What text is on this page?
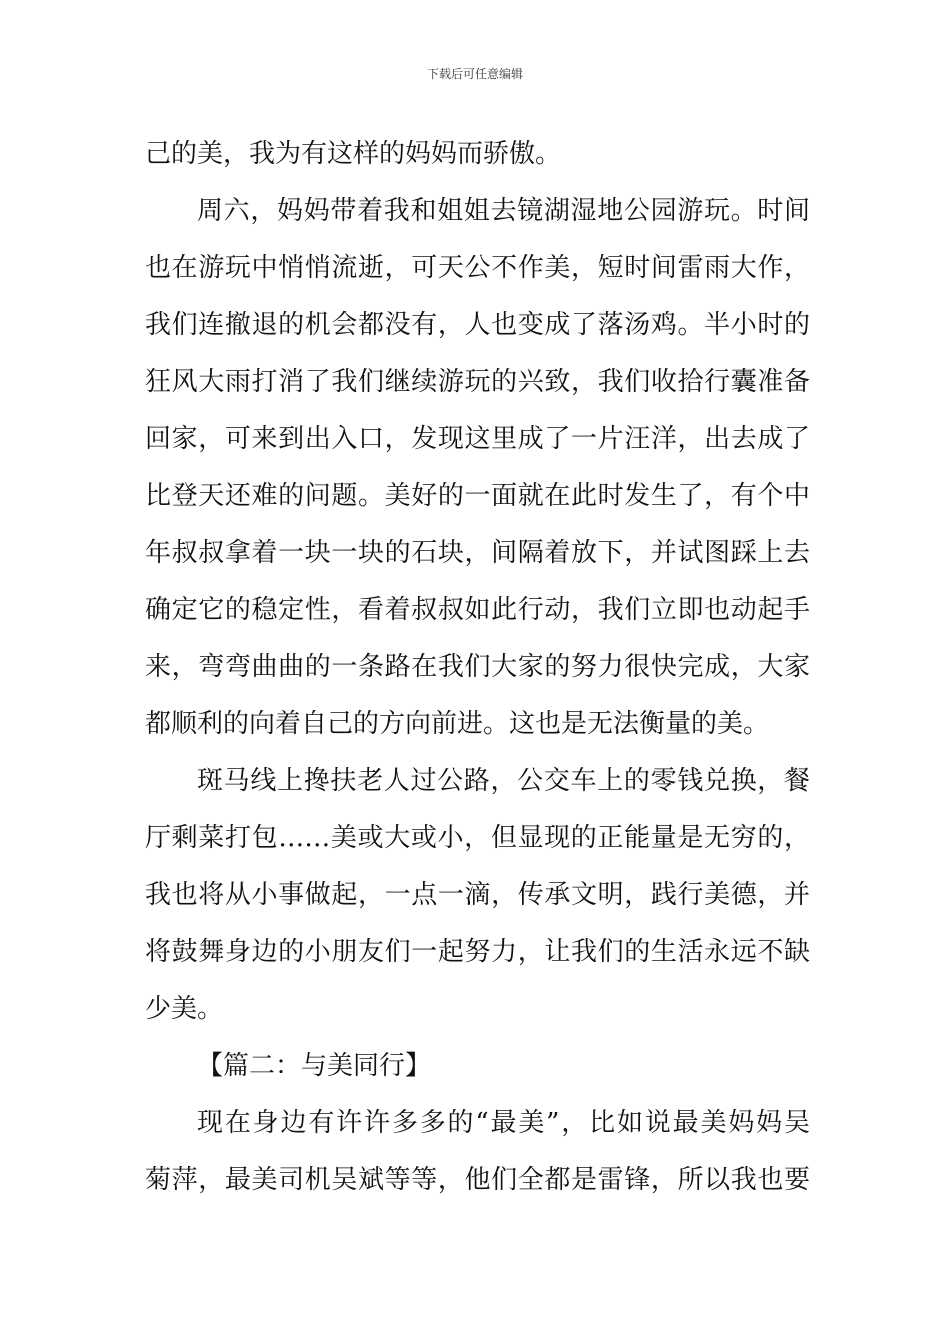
下载后可任意编辑
己的美，我为有这样的妈妈而骄傲。
周六，妈妈带着我和姐姐去镜湖湿地公园游玩。时间
也在游玩中悄悄流逝，可天公不作美，短时间雷雨大作，
我们连撤退的机会都没有，人也变成了落汤鸡。半小时的
狂风大雨打消了我们继续游玩的兴致，我们收拾行囊准备
回家，可来到出入口，发现这里成了一片汪洋，出去成了
比登天还难的问题。美好的一面就在此时发生了，有个中
年叔叔拿着一块一块的石块，间隔着放下，并试图踩上去
确定它的稳定性，看着叔叔如此行动，我们立即也动起手
来，弯弯曲曲的一条路在我们大家的努力很快完成，大家
都顺利的向着自己的方向前进。这也是无法衡量的美。
斑马线上搀扶老人过公路，公交车上的零钱兑换，餐
厅剩菜打包……美或大或小，但显现的正能量是无穷的，
我也将从小事做起，一点一滴，传承文明，践行美德，并
将鼓舞身边的小朋友们一起努力，让我们的生活永远不缺
少美。
【篇二：与美同行】
现在身边有许许多多的“最美”，比如说最美妈妈吴
菊萍，最美司机吴斌等等，他们全都是雷锋，所以我也要
